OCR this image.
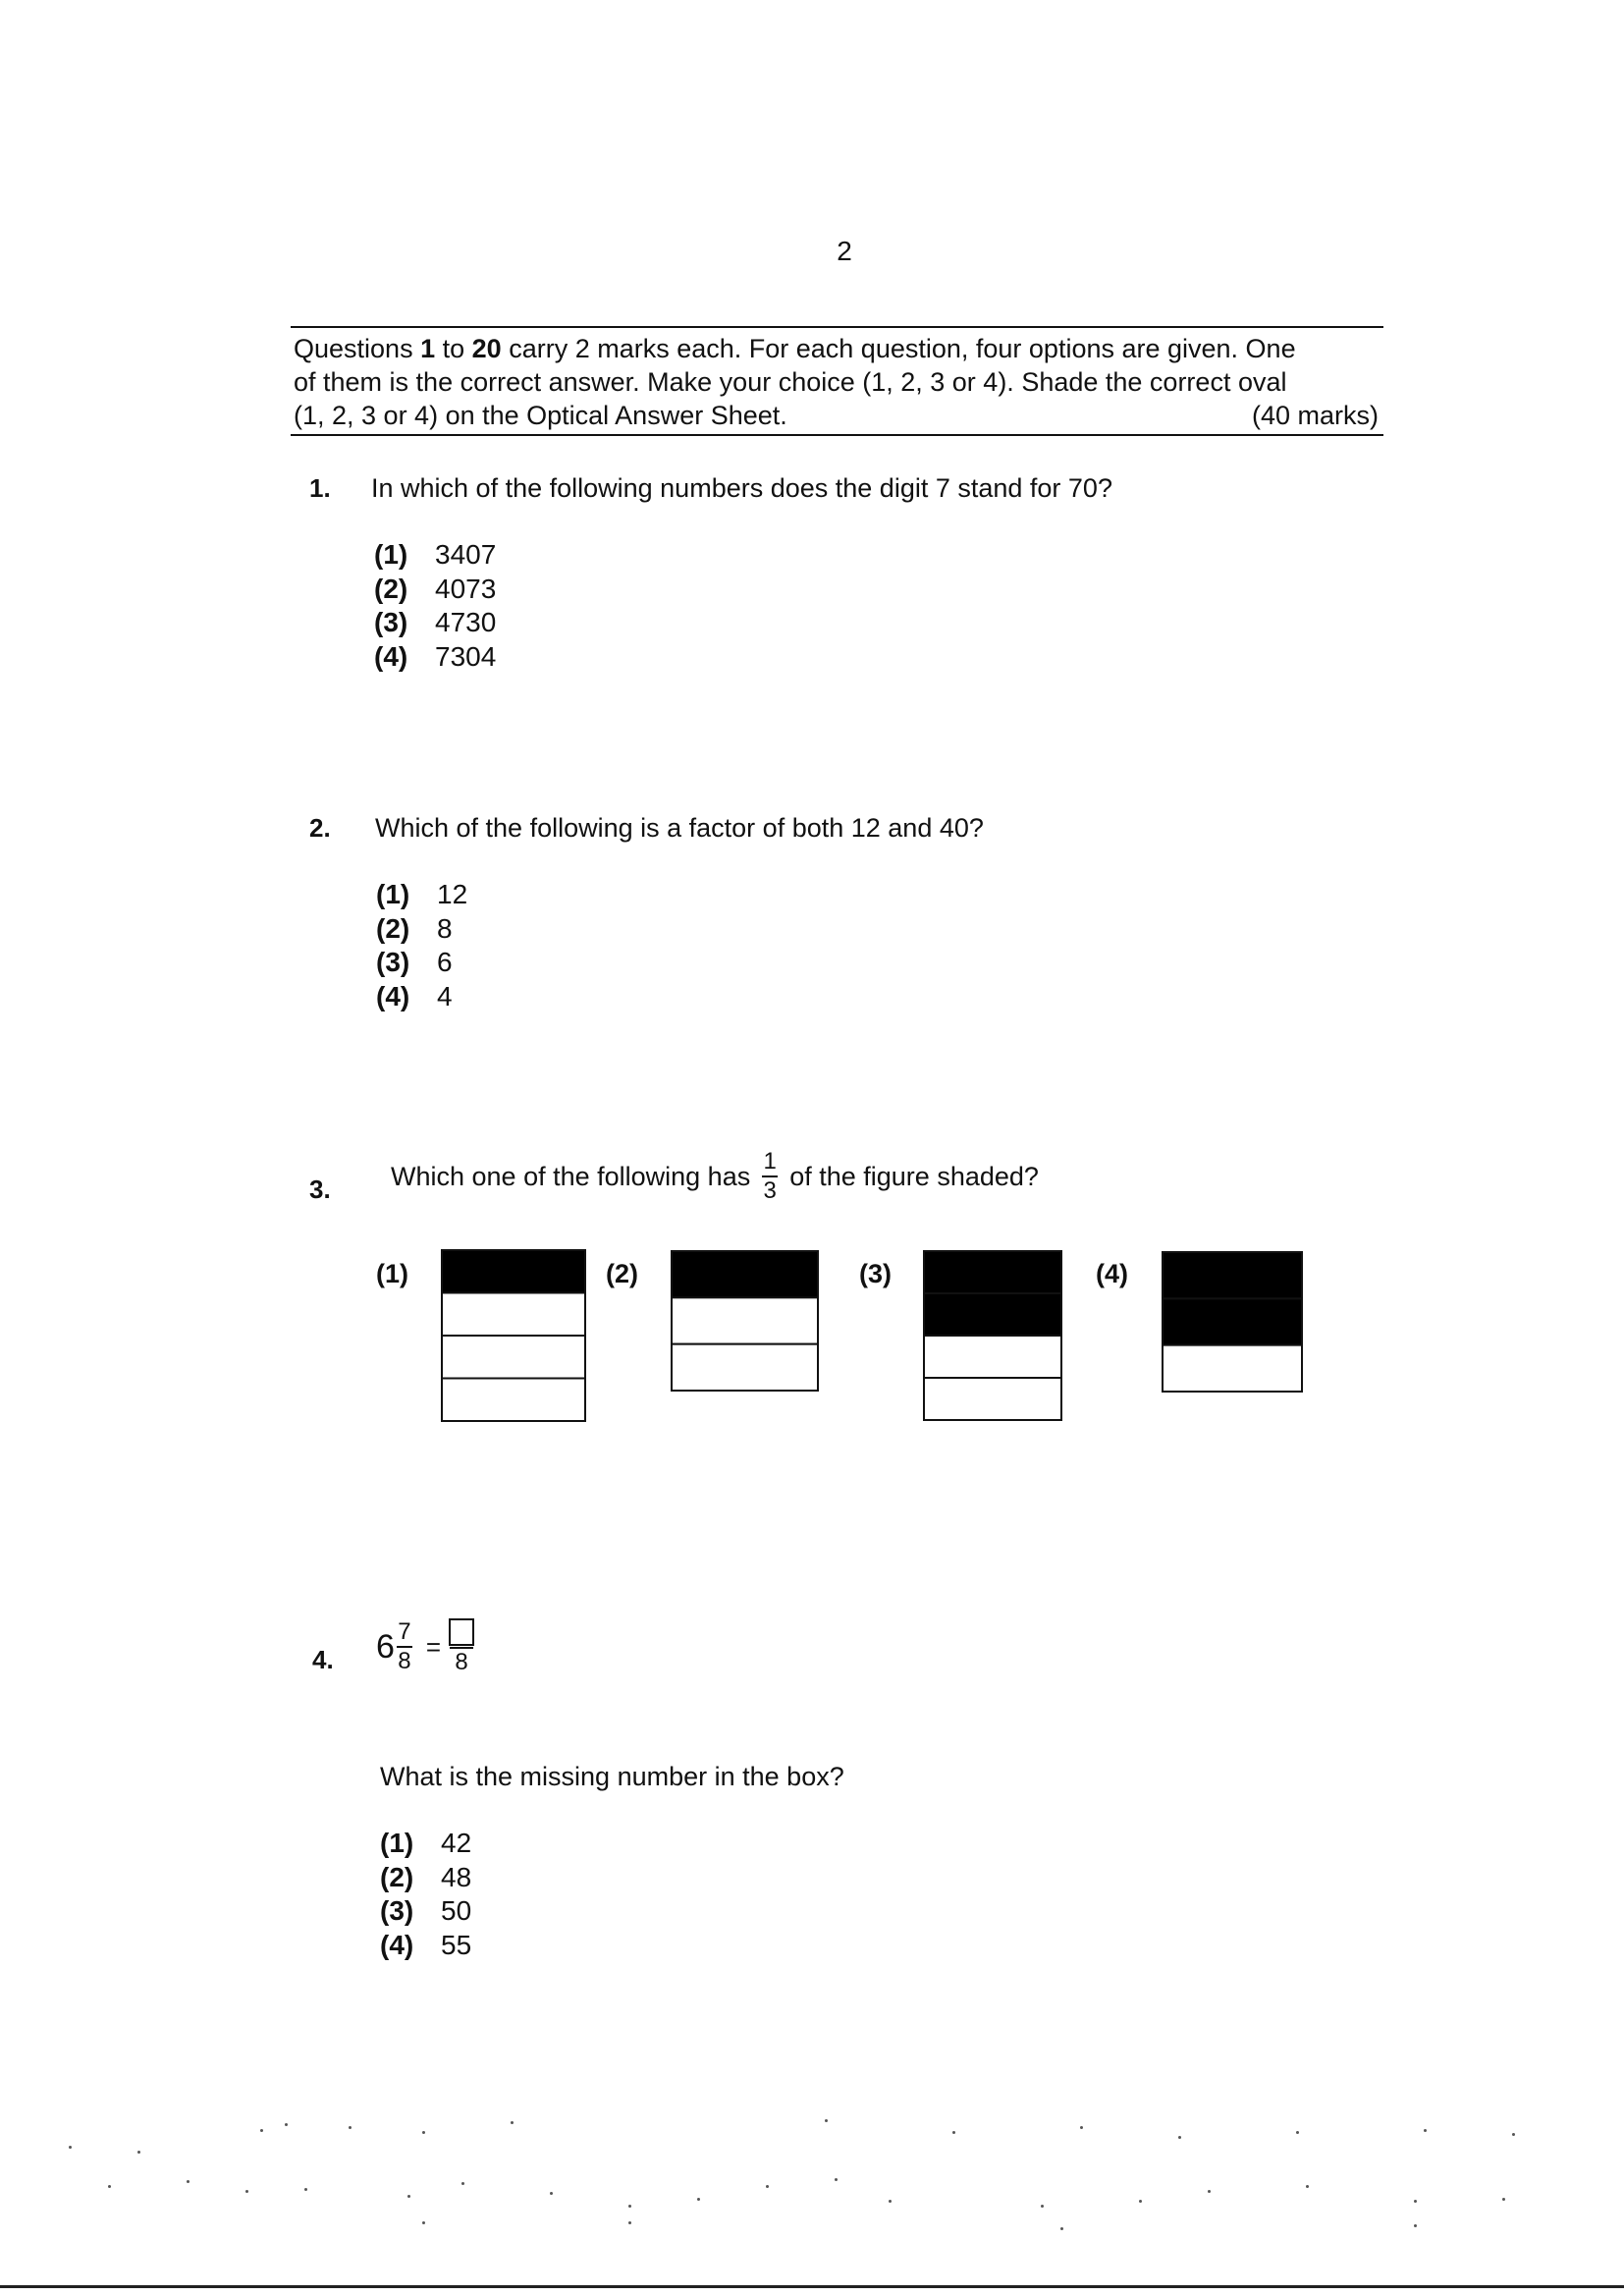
2
Questions 1 to 20 carry 2 marks each. For each question, four options are given. One
of them is the correct answer. Make your choice (1, 2, 3 or 4). Shade the correct oval
(1, 2, 3 or 4) on the Optical Answer Sheet.	(40 marks)
1. In which of the following numbers does the digit 7 stand for 70?
(1) 3407
(2) 4073
(3) 4730
(4) 7304
2. Which of the following is a factor of both 12 and 40?
(1) 12
(2) 8
(3) 6
(4) 4
3. Which one of the following has $\frac{1}{3}$ of the figure shaded?
(1)	(2)	(3)	(4)
4. $6 \frac{7}{8}$ =
8
What is the missing number in the box?
(1) 42
(2) 48
(3) 50
(4) 55
